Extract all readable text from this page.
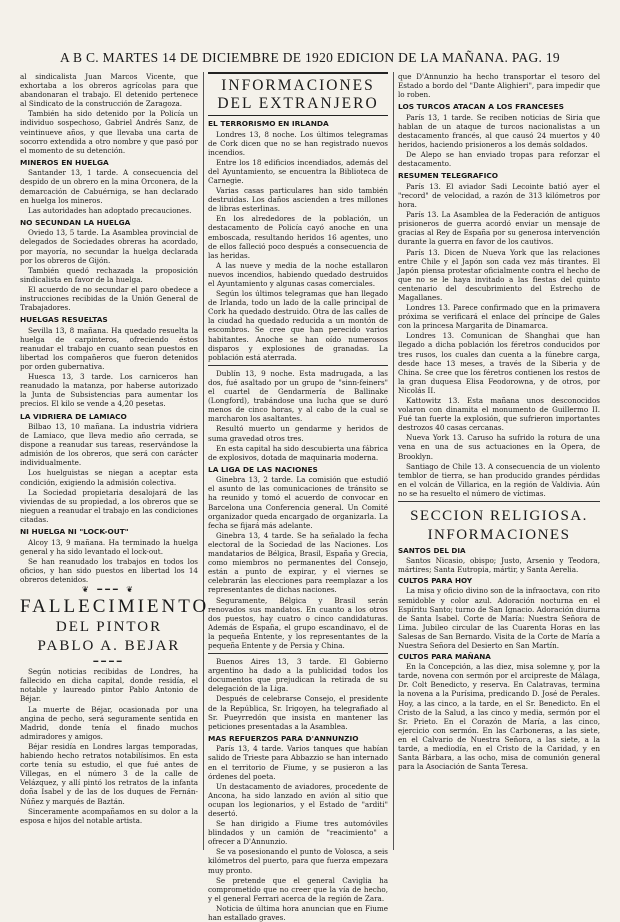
A B C. MARTES 14 DE DICIEMBRE DE 1920 EDICION DE LA MAÑANA. PAG. 19

al sindicalista Juan Marcos Vicente, que exhortaba a los obreros agrícolas para que abandonaran el trabajo. El detenido pertenece al Sindicato de la construcción de Zaragoza.

También ha sido detenido por la Policía un individuo sospechoso, Gabriel Andrés Sanz, de veintinueve años, y que llevaba una carta de socorro extendida a otro nombre y que pasó por el momento de su detención.

MINEROS EN HUELGA

Santander 13, 1 tarde. A consecuencia del despido de un obrero en la mina Orconera, de la demarcación de Cabuérniga, se han declarado en huelga los mineros.

Las autoridades han adoptado precauciones.

NO SECUNDAN LA HUELGA

Oviedo 13, 5 tarde. La Asamblea provincial de delegados de Sociedades obreras ha acordado, por mayoría, no secundar la huelga declarada por los obreros de Gijón.

También quedó rechazada la proposición sindicalista en favor de la huelga.

El acuerdo de no secundar el paro obedece a instrucciones recibidas de la Unión General de Trabajadores.

HUELGAS RESUELTAS

Sevilla 13, 8 mañana. Ha quedado resuelta la huelga de carpinteros, ofreciendo éstos reanudar el trabajo en cuanto sean puestos en libertad los compañeros que fueron detenidos por orden gubernativa.

Huesca 13, 3 tarde. Los carniceros han reanudado la matanza, por haberse autorizado la Junta de Subsistencias para aumentar los precios. El kilo se vende a 4,20 pesetas.

LA VIDRIERA DE LAMIACO

Bilbao 13, 10 mañana. La industria vidriera de Lamiaco, que lleva medio año cerrada, se dispone a reanudar sus tareas, reservándose la admisión de los obreros, que será con carácter individualmente.

Los huelguistas se niegan a aceptar esta condición, exigiendo la admisión colectiva.

La Sociedad propietaria desalojará de las viviendas de su propiedad, a los obreros que se nieguen a reanudar el trabajo en las condiciones citadas.

NI HUELGA NI "LOCK-OUT"

Alcoy 13, 9 mañana. Ha terminado la huelga general y ha sido levantado el lock-out.

Se han reanudado los trabajos en todos los oficios, y han sido puestos en libertad los 14 obreros detenidos.

❦ ━━━ ❦
FALLECIMIENTO
DEL PINTOR
PABLO A. BEJAR
━━━━

Según noticias recibidas de Londres, ha fallecido en dicha capital, donde residía, el notable y laureado pintor Pablo Antonio de Béjar.

La muerte de Béjar, ocasionada por una angina de pecho, será seguramente sentida en Madrid, donde tenía el finado muchos admiradores y amigos.

Béjar residía en Londres largas temporadas, habiendo hecho retratos notabilísimos. En esta corte tenía su estudio, el que fué antes de Villegas, en el número 3 de la calle de Velázquez, y allí pintó los retratos de la infanta doña Isabel y de las de los duques de Fernán-Núñez y marqués de Baztán.

Sinceramente acompañamos en su dolor a la esposa e hijos del notable artista.

INFORMACIONES
DEL EXTRANJERO
EL TERRORISMO EN IRLANDA

Londres 13, 8 noche. Los últimos telegramas de Cork dicen que no se han registrado nuevos incendios.

Entre los 18 edificios incendiados, además del del Ayuntamiento, se encuentra la Biblioteca de Carnegie.

Varias casas particulares han sido también destruidas. Los daños ascienden a tres millones de libras esterlinas.

En los alrededores de la población, un destacamento de Policía cayó anoche en una emboscada, resultando heridos 16 agentes, uno de ellos falleció poco después a consecuencia de las heridas.

A las nueve y media de la noche estallaron nuevos incendios, habiendo quedado destruidos el Ayuntamiento y algunas casas comerciales.

Según los últimos telegramas que han llegado de Irlanda, todo un lado de la calle principal de Cork ha quedado destruido. Otra de las calles de la ciudad ha quedado reducida a un montón de escombros. Se cree que han perecido varios habitantes. Anoche se han oído numerosos disparos y explosiones de granadas. La población está aterrada.

Dublín 13, 9 noche. Esta madrugada, a las dos, fué asaltado por un grupo de "sinn-feiners" el cuartel de Gendarmería de Ballinake (Longford), trabándose una lucha que se duró menos de cinco horas, y al cabo de la cual se marcharon los asaltantes.

Resultó muerto un gendarme y heridos de suma gravedad otros tres.

En esta capital ha sido descubierta una fábrica de explosivos, dotada de maquinaria moderna.

LA LIGA DE LAS NACIONES

Ginebra 13, 2 tarde. La comisión que estudió el asunto de las comunicaciones de tránsito se ha reunido y tomó el acuerdo de convocar en Barcelona una Conferencia general. Un Comité organizador queda encargado de organizarla. La fecha se fijará más adelante.

Ginebra 13, 4 tarde. Se ha señalado la fecha electoral de la Sociedad de las Naciones. Los mandatarios de Bélgica, Brasil, España y Grecia, como miembros no permanentes del Consejo, están a punto de expirar, y el viernes se celebrarán las elecciones para reemplazar a los representantes de dichas naciones.

Seguramente, Bélgica y Brasil serán renovados sus mandatos. En cuanto a los otros dos puestos, hay cuatro o cinco candidaturas. Además de España, el grupo escandinavo, el de la pequeña Entente, y los representantes de la pequeña Entente y de Persia y China.

Buenos Aires 13, 3 tarde. El Gobierno argentino ha dado a la publicidad todos los documentos que prejudican la retirada de su delegación de la Liga.

Después de celebrarse Consejo, el presidente de la República, Sr. Irigoyen, ha telegrafiado al Sr. Pueyrredón que insista en mantener las peticiones presentadas a la Asamblea.

MAS REFUERZOS PARA D'ANNUNZIO

París 13, 4 tarde. Varios tanques que habían salido de Trieste para Abbazzio se han internado en el territorio de Fiume, y se pusieron a las órdenes del poeta.

Un destacamento de aviadores, procedente de Ancona, ha sido lanzado en avión al sitio que ocupan los legionarios, y el Estado de "arditi" desertó.

Se han dirigido a Fiume tres automóviles blindados y un camión de "reacimiento" a ofrecer a D'Annunzio.

Se va posesionando el punto de Volosca, a seis kilómetros del puerto, para que fuerza empezara muy pronto.

Se pretende que el general Caviglia ha comprometido que no creer que la vía de hecho, y el general Ferrari acerca de la región de Zara.

Noticia de última hora anuncian que en Fiume han estallado graves.

que D'Annunzio ha hecho transportar el tesoro del Estado a bordo del "Dante Alighieri", para impedir que lo roben.

LOS TURCOS ATACAN A LOS FRANCESES

París 13, 1 tarde. Se reciben noticias de Siria que hablan de un ataque de turcos nacionalistas a un destacamento francés, al que causó 24 muertos y 40 heridos, haciendo prisioneros a los demás soldados.

De Alepo se han enviado tropas para reforzar el destacamento.

RESUMEN TELEGRAFICO

París 13. El aviador Sadi Lecointe batió ayer el "record" de velocidad, a razón de 313 kilómetros por hora.

París 13. La Asamblea de la Federación de antiguos prisioneros de guerra acordó enviar un mensaje de gracias al Rey de España por su generosa intervención durante la guerra en favor de los cautivos.

París 13. Dicen de Nueva York que las relaciones entre Chile y el Japón son cada vez más tirantes. El Japón piensa protestar oficialmente contra el hecho de que no se le haya invitado a las fiestas del quinto centenario del descubrimiento del Estrecho de Magallanes.

Londres 13. Parece confirmado que en la primavera próxima se verificará el enlace del príncipe de Gales con la princesa Margarita de Dinamarca.

Londres 13. Comunican de Shanghai que han llegado a dicha población los féretros conducidos por tres rusos, los cuales dan cuenta a la fúnebre carga, desde hace 13 meses, a través de la Siberia y de China. Se cree que los féretros contienen los restos de la gran duquesa Elisa Feodorowna, y de otros, por Nicolás II.

Kattowitz 13. Esta mañana unos desconocidos volaron con dinamita el monumento de Guillermo II. Fué tan fuerte la explosión, que sufrieron importantes destrozos 40 casas cercanas.

Nueva York 13. Caruso ha sufrido la rotura de una vena en una de sus actuaciones en la Opera, de Brooklyn.

Santiago de Chile 13. A consecuencia de un violento temblor de tierra, se han producido grandes pérdidas en el volcán de Villarica, en la región de Valdivia. Aún no se ha resuelto el número de víctimas.

SECCION RELIGIOSA.
INFORMACIONES
SANTOS DEL DIA

Santos Nicasio, obispo; Justo, Arsenio y Teodora, mártires; Santa Eutropia, mártir, y Santa Aerelia.

CULTOS PARA HOY

La misa y oficio divino son de la infraoctava, con rito semidoble y color azul. Adoración nocturna en el Espíritu Santo; turno de San Ignacio. Adoración diurna de Santa Isabel. Corte de María: Nuestra Señora de Lima. Jubileo circular de las Cuarenta Horas en las Salesas de San Bernardo. Visita de la Corte de María a Nuestra Señora del Desierto en San Martín.

CULTOS PARA MAÑANA

En la Concepción, a las diez, misa solemne y, por la tarde, novena con sermón por el arcipreste de Málaga, Dr. Colt Benedicto, y reserva. En Calatravas, termina la novena a la Purísima, predicando D. José de Perales. Hoy, a las cinco, a la tarde, en el Sr. Benedicto. En el Cristo de la Salud, a las cinco y media, sermón por el Sr. Prieto. En el Corazón de María, a las cinco, ejercicio con sermón. En las Carboneras, a las siete, en el Calvario de Nuestra Señora, a las siete, a la tarde, a mediodía, en el Cristo de la Caridad, y en Santa Bárbara, a las ocho, misa de comunión general para la Asociación de Santa Teresa.
